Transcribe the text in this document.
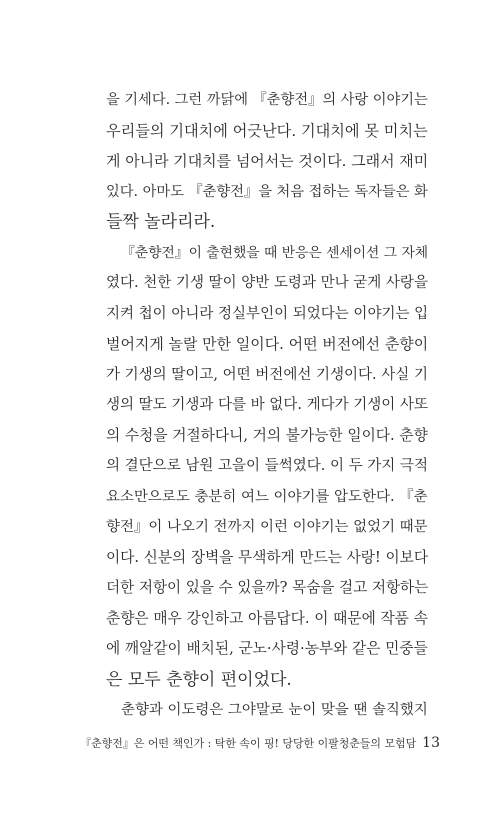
을 기세다. 그런 까닭에 『춘향전』의 사랑 이야기는
우리들의 기대치에 어긋난다. 기대치에 못 미치는
게 아니라 기대치를 넘어서는 것이다. 그래서 재미
있다. 아마도 『춘향전』을 처음 접하는 독자들은 화
들짝 놀라리라.
『춘향전』이 출현했을 때 반응은 센세이션 그 자체
였다. 천한 기생 딸이 양반 도령과 만나 굳게 사랑을
지켜 첩이 아니라 정실부인이 되었다는 이야기는 입
벌어지게 놀랄 만한 일이다. 어떤 버전에선 춘향이
가 기생의 딸이고, 어떤 버전에선 기생이다. 사실 기
생의 딸도 기생과 다를 바 없다. 게다가 기생이 사또
의 수청을 거절하다니, 거의 불가능한 일이다. 춘향
의 결단으로 남원 고을이 들썩였다. 이 두 가지 극적
요소만으로도 충분히 여느 이야기를 압도한다. 『춘
향전』이 나오기 전까지 이런 이야기는 없었기 때문
이다. 신분의 장벽을 무색하게 만드는 사랑! 이보다
더한 저항이 있을 수 있을까? 목숨을 걸고 저항하는
춘향은 매우 강인하고 아름답다. 이 때문에 작품 속
에 깨알같이 배치된, 군노·사령·농부와 같은 민중들
은 모두 춘향이 편이었다.
춘향과 이도령은 그야말로 눈이 맞을 땐 솔직했지
『춘향전』은 어떤 책인가 : 탁한 속이 핑! 당당한 이팔청춘들의 모험담 13
